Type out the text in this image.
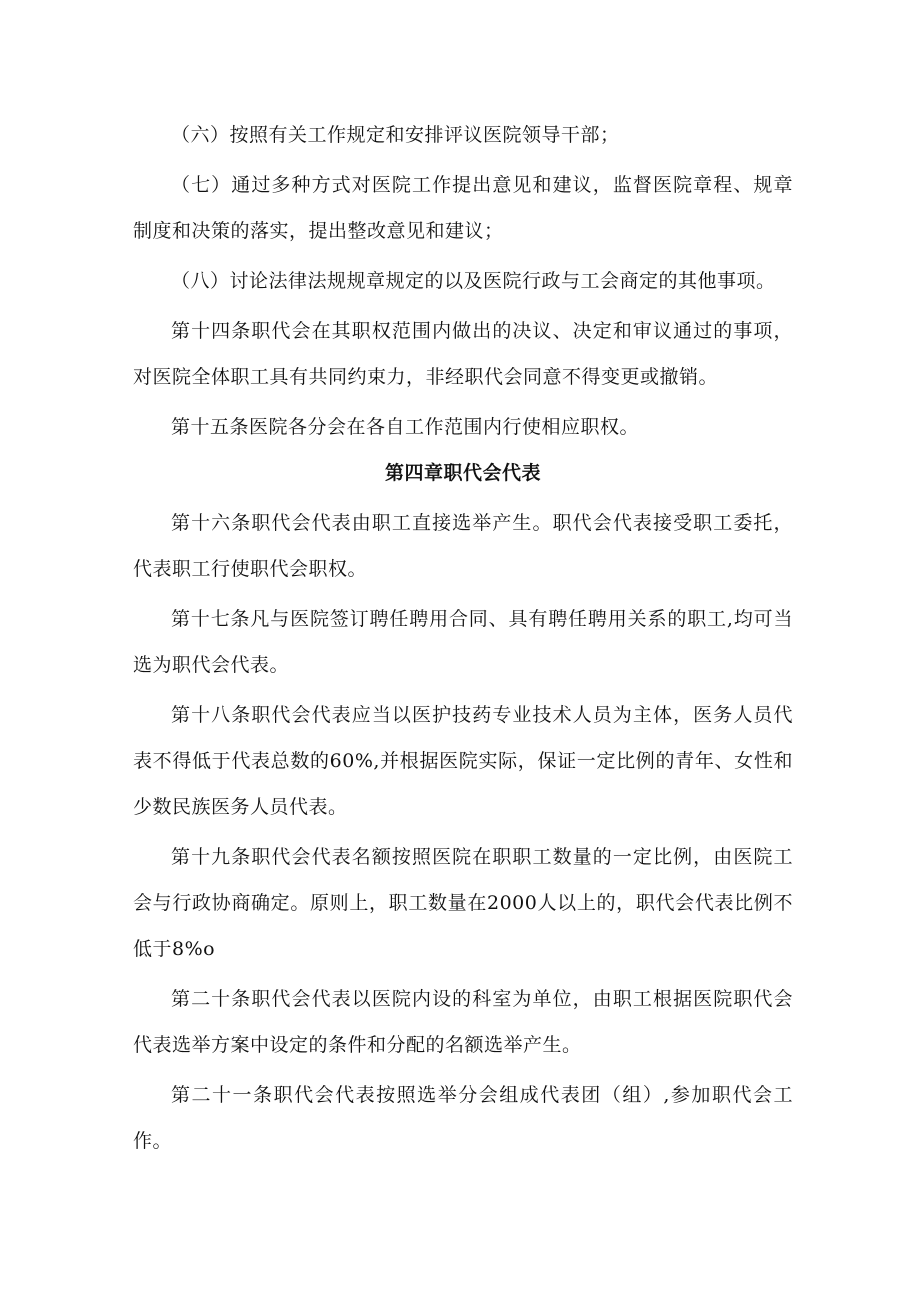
（六）按照有关工作规定和安排评议医院领导干部；

（七）通过多种方式对医院工作提出意见和建议，监督医院章程、规章制度和决策的落实，提出整改意见和建议；

（八）讨论法律法规规章规定的以及医院行政与工会商定的其他事项。

第十四条职代会在其职权范围内做出的决议、决定和审议通过的事项，对医院全体职工具有共同约束力，非经职代会同意不得变更或撤销。

第十五条医院各分会在各自工作范围内行使相应职权。

第四章职代会代表

第十六条职代会代表由职工直接选举产生。职代会代表接受职工委托，代表职工行使职代会职权。

第十七条凡与医院签订聘任聘用合同、具有聘任聘用关系的职工,均可当选为职代会代表。

第十八条职代会代表应当以医护技药专业技术人员为主体，医务人员代表不得低于代表总数的60%,并根据医院实际，保证一定比例的青年、女性和少数民族医务人员代表。

第十九条职代会代表名额按照医院在职职工数量的一定比例，由医院工会与行政协商确定。原则上，职工数量在2000人以上的，职代会代表比例不低于8%o

第二十条职代会代表以医院内设的科室为单位，由职工根据医院职代会代表选举方案中设定的条件和分配的名额选举产生。

第二十一条职代会代表按照选举分会组成代表团（组）,参加职代会工作。
